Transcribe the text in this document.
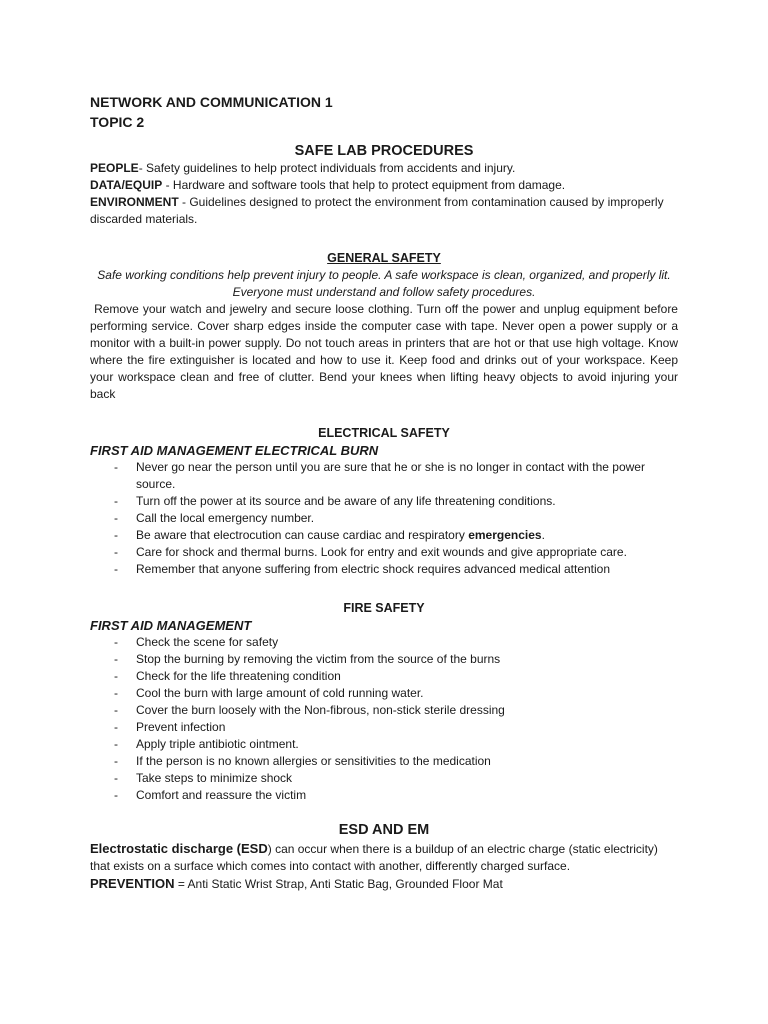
NETWORK AND COMMUNICATION 1

TOPIC 2

SAFE LAB PROCEDURES

PEOPLE- Safety guidelines to help protect individuals from accidents and injury.

DATA/EQUIP - Hardware and software tools that help to protect equipment from damage.

ENVIRONMENT - Guidelines designed to protect the environment from contamination caused by improperly discarded materials.

GENERAL SAFETY

Safe working conditions help prevent injury to people. A safe workspace is clean, organized, and properly lit. Everyone must understand and follow safety procedures.

Remove your watch and jewelry and secure loose clothing. Turn off the power and unplug equipment before performing service. Cover sharp edges inside the computer case with tape. Never open a power supply or a monitor with a built-in power supply. Do not touch areas in printers that are hot or that use high voltage. Know where the fire extinguisher is located and how to use it. Keep food and drinks out of your workspace. Keep your workspace clean and free of clutter. Bend your knees when lifting heavy objects to avoid injuring your back

ELECTRICAL SAFETY

FIRST AID MANAGEMENT ELECTRICAL BURN

- Never go near the person until you are sure that he or she is no longer in contact with the power source.
- Turn off the power at its source and be aware of any life threatening conditions.
- Call the local emergency number.
- Be aware that electrocution can cause cardiac and respiratory emergencies.
- Care for shock and thermal burns. Look for entry and exit wounds and give appropriate care.
- Remember that anyone suffering from electric shock requires advanced medical attention
FIRE SAFETY

FIRST AID MANAGEMENT

- Check the scene for safety
- Stop the burning by removing the victim from the source of the burns
- Check for the life threatening condition
- Cool the burn with large amount of cold running water.
- Cover the burn loosely with the Non-fibrous, non-stick sterile dressing
- Prevent infection
- Apply triple antibiotic ointment.
- If the person is no known allergies or sensitivities to the medication
- Take steps to minimize shock
- Comfort and reassure the victim
ESD AND EM

Electrostatic discharge (ESD) can occur when there is a buildup of an electric charge (static electricity) that exists on a surface which comes into contact with another, differently charged surface.

PREVENTION = Anti Static Wrist Strap, Anti Static Bag, Grounded Floor Mat
